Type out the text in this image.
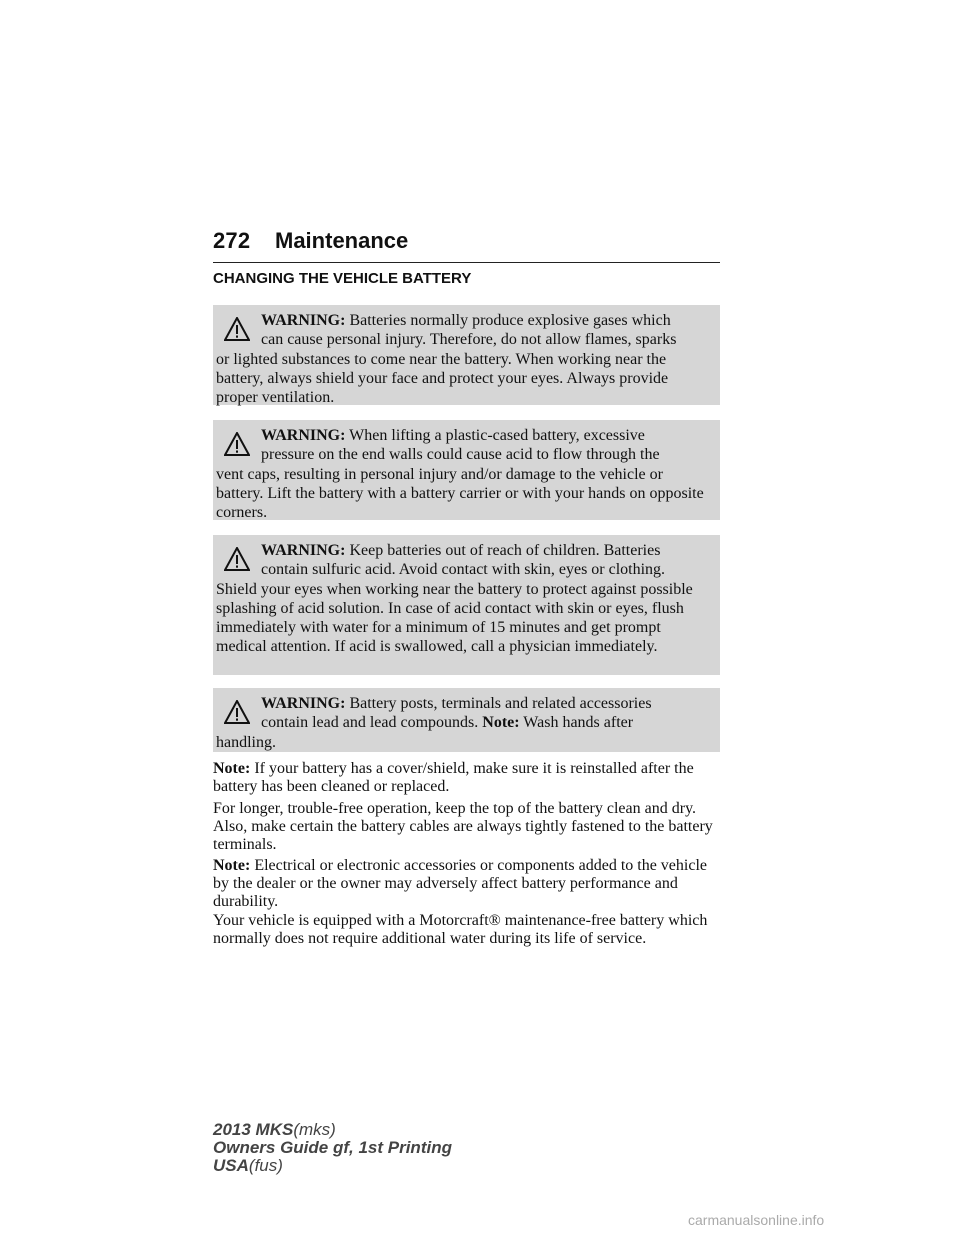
272 Maintenance
CHANGING THE VEHICLE BATTERY
WARNING: Batteries normally produce explosive gases which
can cause personal injury. Therefore, do not allow flames, sparks
or lighted substances to come near the battery. When working near the battery, always shield your face and protect your eyes. Always provide proper ventilation.
WARNING: When lifting a plastic-cased battery, excessive
pressure on the end walls could cause acid to flow through the
vent caps, resulting in personal injury and/or damage to the vehicle or battery. Lift the battery with a battery carrier or with your hands on opposite corners.
WARNING: Keep batteries out of reach of children. Batteries
contain sulfuric acid. Avoid contact with skin, eyes or clothing.
Shield your eyes when working near the battery to protect against possible splashing of acid solution. In case of acid contact with skin or eyes, flush immediately with water for a minimum of 15 minutes and get prompt medical attention. If acid is swallowed, call a physician immediately.
WARNING: Battery posts, terminals and related accessories
contain lead and lead compounds. Note: Wash hands after
handling.
Note: If your battery has a cover/shield, make sure it is reinstalled after the battery has been cleaned or replaced.
For longer, trouble-free operation, keep the top of the battery clean and dry. Also, make certain the battery cables are always tightly fastened to the battery terminals.
Note: Electrical or electronic accessories or components added to the vehicle by the dealer or the owner may adversely affect battery performance and durability.
Your vehicle is equipped with a Motorcraft® maintenance-free battery which normally does not require additional water during its life of service.
2013 MKS(mks)
Owners Guide gf, 1st Printing
USA(fus)
carmanualsonline.info
